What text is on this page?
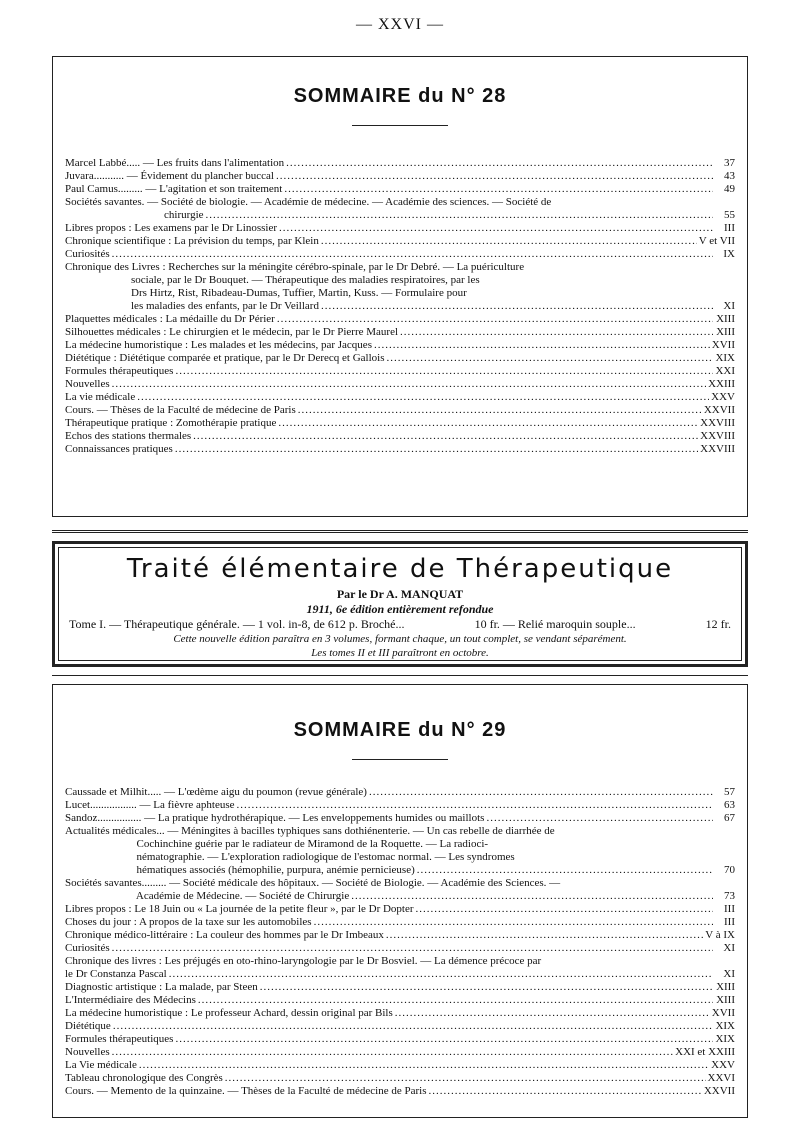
— XXVI —
SOMMAIRE du N° 28
Marcel Labbé..... — Les fruits dans l'alimentation .....	37
Juvara........... — Évidement du plancher buccal .....	43
Paul Camus......... — L'agitation et son traitement .....	49
Sociétés savantes. — Société de biologie. — Académie de médecine. — Académie des sciences. — Société de
chirurgie .....	55
Libres propos : Les examens par le Dr Linossier .....	III
Chronique scientifique : La prévision du temps, par Klein .....	V et VII
Curiosités .....	IX
Chronique des Livres : Recherches sur la méningite cérébro-spinale, par le Dr Debré. — La puériculture
sociale, par le Dr Bouquet. — Thérapeutique des maladies respiratoires, par les
Drs Hirtz, Rist, Ribadeau-Dumas, Tuffier, Martin, Kuss. — Formulaire pour
les maladies des enfants, par le Dr Veillard .....	XI
Plaquettes médicales : La médaille du Dr Périer .....	XIII
Silhouettes médicales : Le chirurgien et le médecin, par le Dr Pierre Maurel .....	XIII
La médecine humoristique : Les malades et les médecins, par Jacques .....	XVII
Diététique : Diététique comparée et pratique, par le Dr Derecq et Gallois .....	XIX
Formules thérapeutiques .....	XXI
Nouvelles .....	XXIII
La vie médicale .....	XXV
Cours. — Thèses de la Faculté de médecine de Paris .....	XXVII
Thérapeutique pratique : Zomothérapie pratique .....	XXVIII
Echos des stations thermales .....	XXVIII
Connaissances pratiques .....	XXVIII
Traité élémentaire de Thérapeutique
Par le Dr A. MANQUAT
1911, 6e édition entièrement refondue
Tome I. — Thérapeutique générale. — 1 vol. in-8, de 612 p. Broché...	10 fr. — Relié maroquin souple...	12 fr.
Cette nouvelle édition paraîtra en 3 volumes, formant chaque, un tout complet, se vendant séparément.
Les tomes II et III paraîtront en octobre.
SOMMAIRE du N° 29
Caussade et Milhit..... — L'œdème aigu du poumon (revue générale) .....	57
Lucet................. — La fièvre aphteuse .....	63
Sandoz................ — La pratique hydrothérapique. — Les enveloppements humides ou maillots .....	67
Actualités médicales... — Méningites à bacilles typhiques sans dothiénenterie. — Un cas rebelle de diarrhée de
Cochinchine guérie par le radiateur de Miramond de la Roquette. — La radioci-
nématographie. — L'exploration radiologique de l'estomac normal. — Les syndromes
hématiques associés (hémophilie, purpura, anémie pernicieuse) .....	70
Sociétés savantes......... — Société médicale des hôpitaux. — Société de Biologie. — Académie des Sciences. —
Académie de Médecine. — Société de Chirurgie .....	73
Libres propos : Le 18 Juin ou « La journée de la petite fleur », par le Dr Dopter .....	III
Choses du jour : A propos de la taxe sur les automobiles .....	III
Chronique médico-littéraire : La couleur des hommes par le Dr Imbeaux .....	V à IX
Curiosités .....	XI
Chronique des livres : Les préjugés en oto-rhino-laryngologie par le Dr Bosviel. — La démence précoce par
le Dr Constanza Pascal .....	XI
Diagnostic artistique : La malade, par Steen .....	XIII
L'Intermédiaire des Médecins .....	XIII
La médecine humoristique : Le professeur Achard, dessin original par Bils .....	XVII
Diététique .....	XIX
Formules thérapeutiques .....	XIX
Nouvelles .....	XXI et XXIII
La Vie médicale .....	XXV
Tableau chronologique des Congrès .....	XXVI
Cours. — Memento de la quinzaine. — Thèses de la Faculté de médecine de Paris .....	XXVII
